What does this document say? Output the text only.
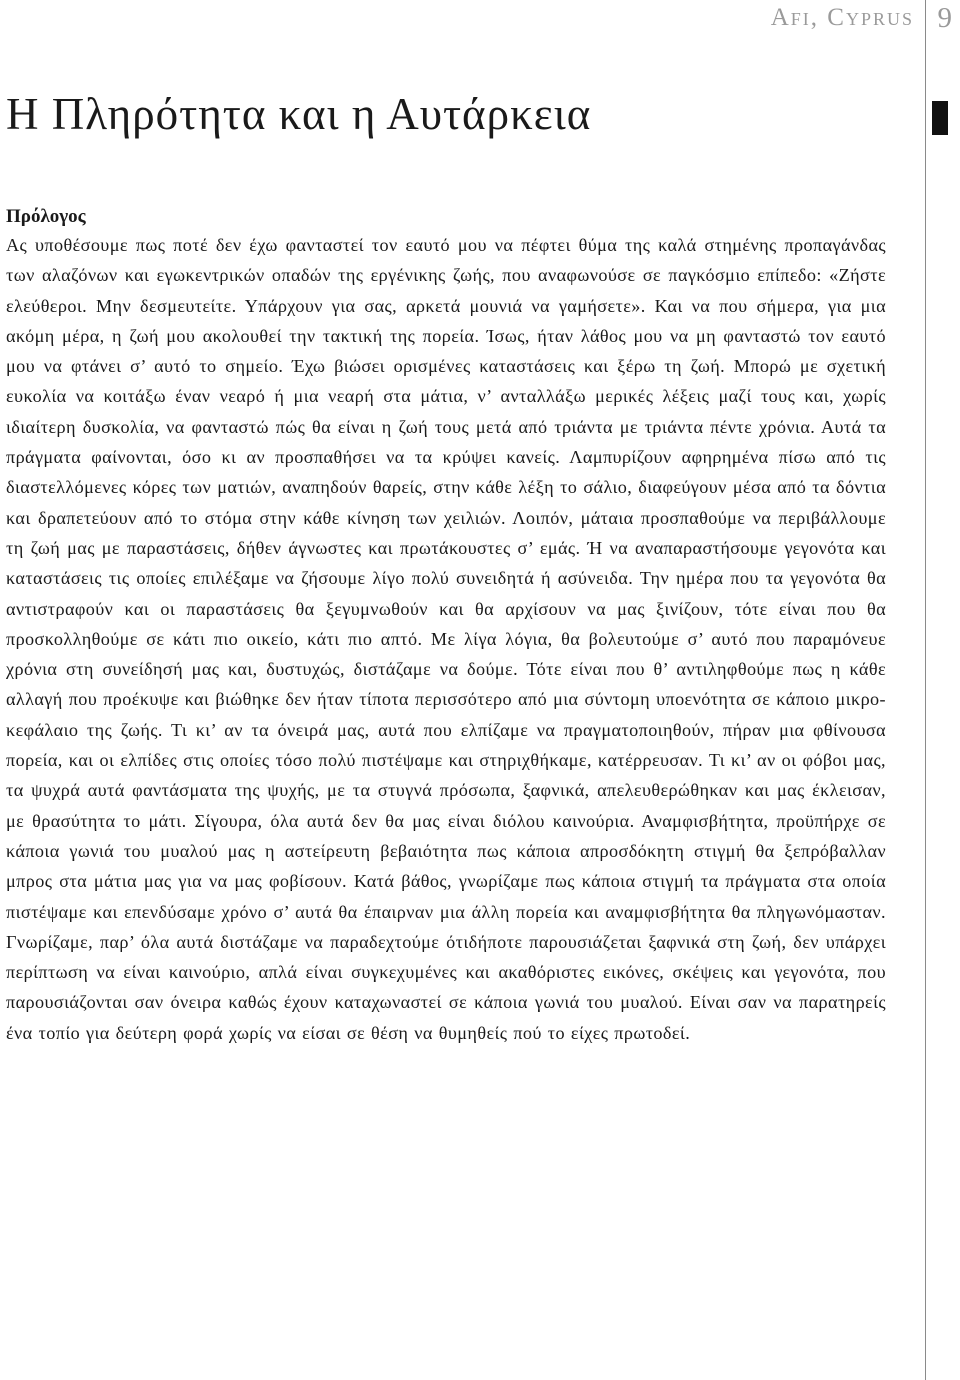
Afi, Cyprus 9
Η Πληρότητα και η Αυτάρκεια
Πρόλογος

Ας υποθέσουμε πως ποτέ δεν έχω φανταστεί τον εαυτό μου να πέφτει θύμα της καλά στημένης προπαγάνδας των αλαζόνων και εγωκεντρικών οπαδών της εργένικης ζωής, που αναφωνούσε σε παγκόσμιο επίπεδο: «Ζήστε ελεύθεροι. Μην δεσμευτείτε. Υπάρχουν για σας, αρκετά μουνιά να γαμήσετε». Και να που σήμερα, για μια ακόμη μέρα, η ζωή μου ακολουθεί την τακτική της πορεία. Ίσως, ήταν λάθος μου να μη φανταστώ τον εαυτό μου να φτάνει σ’ αυτό το σημείο. Έχω βιώσει ορισμένες καταστάσεις και ξέρω τη ζωή. Μπορώ με σχετική ευκολία να κοιτάξω έναν νεαρό ή μια νεαρή στα μάτια, ν’ ανταλλάξω μερικές λέξεις μαζί τους και, χωρίς ιδιαίτερη δυσκολία, να φανταστώ πώς θα είναι η ζωή τους μετά από τριάντα με τριάντα πέντε χρόνια. Αυτά τα πράγματα φαίνονται, όσο κι αν προσπαθήσει να τα κρύψει κανείς. Λαμπυρίζουν αφηρημένα πίσω από τις διαστελλόμενες κόρες των ματιών, αναπηδούν θαρείς, στην κάθε λέξη το σάλιο, διαφεύγουν μέσα από τα δόντια και δραπετεύουν από το στόμα στην κάθε κίνηση των χειλιών. Λοιπόν, μάταια προσπαθούμε να περιβάλλουμε τη ζωή μας με παραστάσεις, δήθεν άγνωστες και πρωτάκουστες σ’ εμάς. Ή να αναπαραστήσουμε γεγονότα και καταστάσεις τις οποίες επιλέξαμε να ζήσουμε λίγο πολύ συνειδητά ή ασύνειδα. Την ημέρα που τα γεγονότα θα αντιστραφούν και οι παραστάσεις θα ξεγυμνωθούν και θα αρχίσουν να μας ξινίζουν, τότε είναι που θα προσκολληθούμε σε κάτι πιο οικείο, κάτι πιο απτό. Με λίγα λόγια, θα βολευτούμε σ’ αυτό που παραμόνευε χρόνια στη συνείδησή μας και, δυστυχώς, διστάζαμε να δούμε. Τότε είναι που θ’ αντιληφθούμε πως η κάθε αλλαγή που προέκυψε και βιώθηκε δεν ήταν τίποτα περισσότερο από μια σύντομη υποενότητα σε κάποιο μικρο-κεφάλαιο της ζωής. Τι κι’ αν τα όνειρά μας, αυτά που ελπίζαμε να πραγματοποιηθούν, πήραν μια φθίνουσα πορεία, και οι ελπίδες στις οποίες τόσο πολύ πιστέψαμε και στηριχθήκαμε, κατέρρευσαν. Τι κι’ αν οι φόβοι μας, τα ψυχρά αυτά φαντάσματα της ψυχής, με τα στυγνά πρόσωπα, ξαφνικά, απελευθερώθηκαν και μας έκλεισαν, με θρασύτητα το μάτι. Σίγουρα, όλα αυτά δεν θα μας είναι διόλου καινούρια. Αναμφισβήτητα, προϋπήρχε σε κάποια γωνιά του μυαλού μας η αστείρευτη βεβαιότητα πως κάποια απροσδόκητη στιγμή θα ξεπρόβαλλαν μπρος στα μάτια μας για να μας φοβίσουν. Κατά βάθος, γνωρίζαμε πως κάποια στιγμή τα πράγματα στα οποία πιστέψαμε και επενδύσαμε χρόνο σ’ αυτά θα έπαιρναν μια άλλη πορεία και αναμφισβήτητα θα πληγωνόμασταν. Γνωρίζαμε, παρ’ όλα αυτά διστάζαμε να παραδεχτούμε ότιδήποτε παρουσιάζεται ξαφνικά στη ζωή, δεν υπάρχει περίπτωση να είναι καινούριο, απλά είναι συγκεχυμένες και ακαθόριστες εικόνες, σκέψεις και γεγονότα, που παρουσιάζονται σαν όνειρα καθώς έχουν καταχωναστεί σε κάποια γωνιά του μυαλού. Είναι σαν να παρατηρείς ένα τοπίο για δεύτερη φορά χωρίς να είσαι σε θέση να θυμηθείς πού το είχες πρωτοδεί.
